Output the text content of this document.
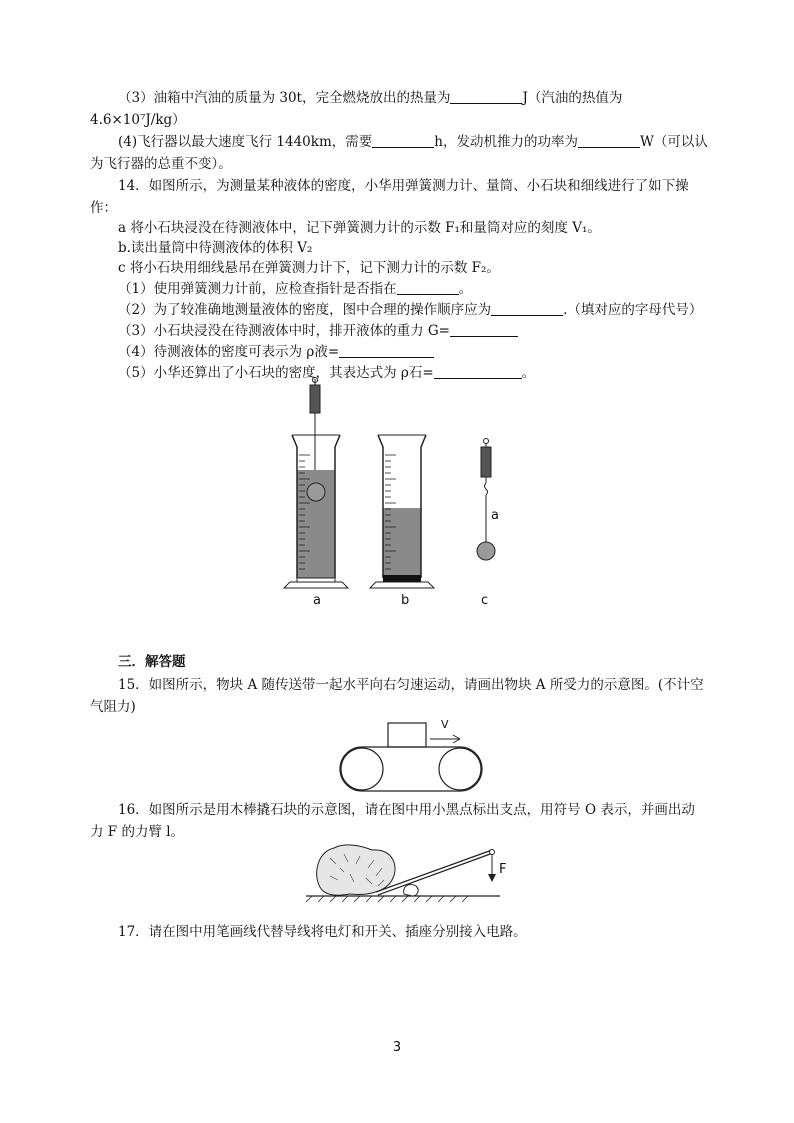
（3）油箱中汽油的质量为 30t，完全燃烧放出的热量为	J（汽油的热值为
4.6×10⁷J/kg）
(4)飞行器以最大速度飞行 1440km，需要	h，发动机推力的功率为	W（可以认
为飞行器的总重不变）。
14．如图所示，为测量某种液体的密度，小华用弹簧测力计、量筒、小石块和细线进行了如下操
作：
a 将小石块浸没在待测液体中，记下弹簧测力计的示数 F₁和量筒对应的刻度 V₁。
b.读出量筒中待测液体的体积 V₂
c 将小石块用细线悬吊在弹簧测力计下，记下测力计的示数 F₂。
（1）使用弹簧测力计前，应检查指针是否指在	。
（2）为了较准确地测量液体的密度，图中合理的操作顺序应为	.（填对应的字母代号）
（3）小石块浸没在待测液体中时，排开液体的重力 G=
（4）待测液体的密度可表示为 ρ液=
（5）小华还算出了小石块的密度，其表达式为 ρ石=	。
a
a	b	c
三．解答题
15．如图所示，物块 A 随传送带一起水平向右匀速运动，请画出物块 A 所受力的示意图。(不计空
气阻力)
V
16．如图所示是用木棒撬石块的示意图，请在图中用小黑点标出支点，用符号 O 表示，并画出动
力 F 的力臂 l。
F
17．请在图中用笔画线代替导线将电灯和开关、插座分别接入电路。
3
